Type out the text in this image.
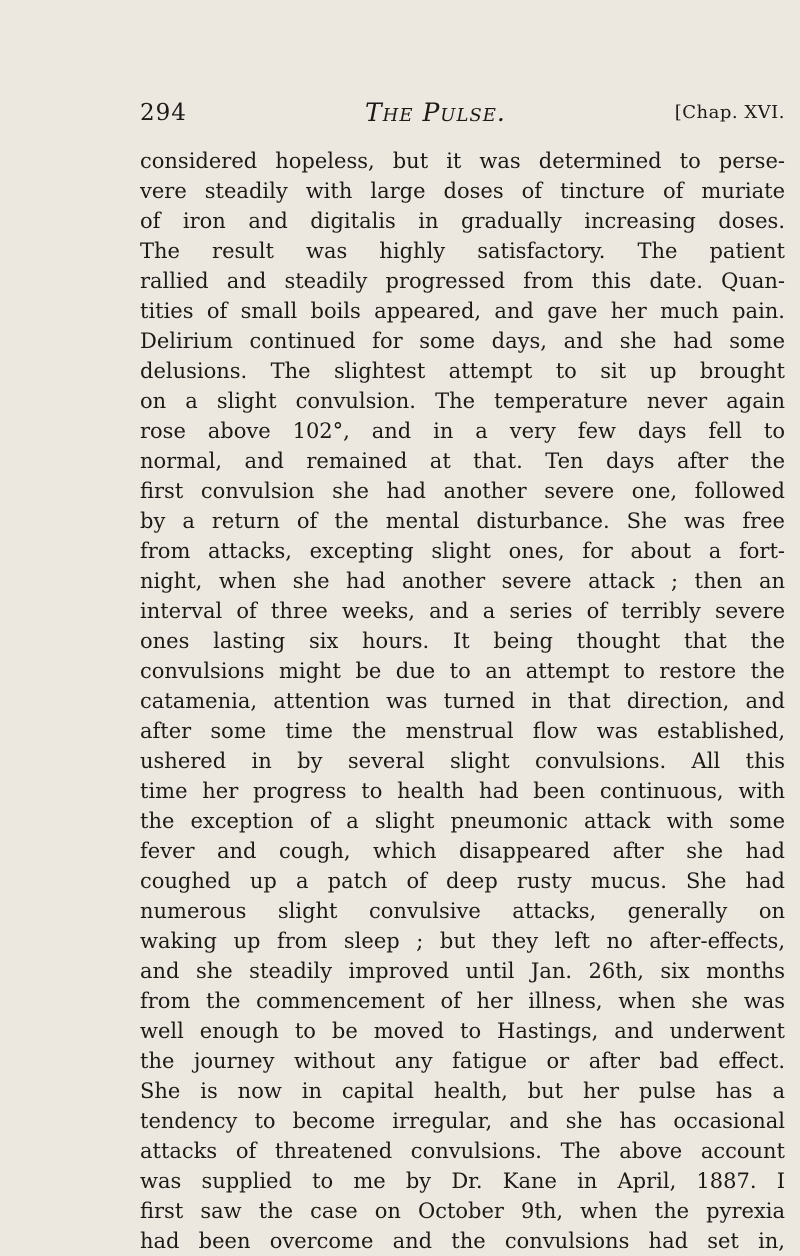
294	The Pulse.	[Chap. XVI.
considered hopeless, but it was determined to perse-
vere steadily with large doses of tincture of muriate
of iron and digitalis in gradually increasing doses.
The result was highly satisfactory. The patient
rallied and steadily progressed from this date. Quan-
tities of small boils appeared, and gave her much pain.
Delirium continued for some days, and she had some
delusions. The slightest attempt to sit up brought
on a slight convulsion. The temperature never again
rose above 102°, and in a very few days fell to
normal, and remained at that. Ten days after the
first convulsion she had another severe one, followed
by a return of the mental disturbance. She was free
from attacks, excepting slight ones, for about a fort-
night, when she had another severe attack ; then an
interval of three weeks, and a series of terribly severe
ones lasting six hours. It being thought that the
convulsions might be due to an attempt to restore the
catamenia, attention was turned in that direction, and
after some time the menstrual flow was established,
ushered in by several slight convulsions. All this
time her progress to health had been continuous, with
the exception of a slight pneumonic attack with some
fever and cough, which disappeared after she had
coughed up a patch of deep rusty mucus. She had
numerous slight convulsive attacks, generally on
waking up from sleep ; but they left no after-effects,
and she steadily improved until Jan. 26th, six months
from the commencement of her illness, when she was
well enough to be moved to Hastings, and underwent
the journey without any fatigue or after bad effect.
She is now in capital health, but her pulse has a
tendency to become irregular, and she has occasional
attacks of threatened convulsions. The above account
was supplied to me by Dr. Kane in April, 1887. I
first saw the case on October 9th, when the pyrexia
had been overcome and the convulsions had set in,
